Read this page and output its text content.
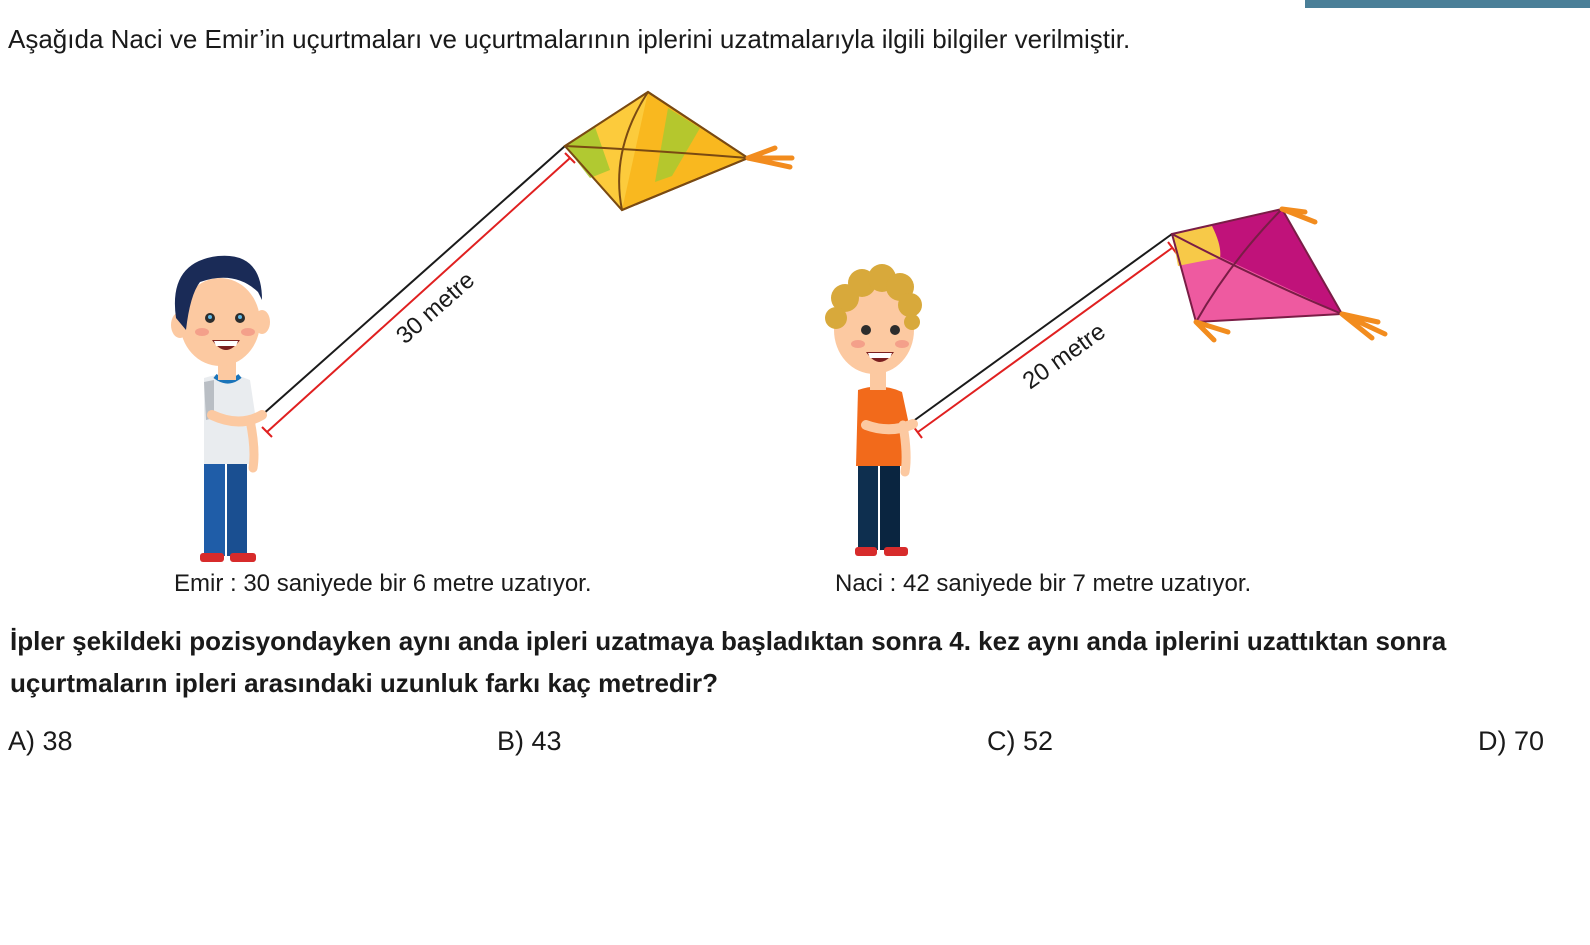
Aşağıda Naci ve Emir’in uçurtmaları ve uçurtmalarının iplerini uzatmalarıyla ilgili bilgiler verilmiştir.
30 metre
20 metre
Emir : 30 saniyede bir 6 metre uzatıyor.	Naci : 42 saniyede bir 7 metre uzatıyor.
İpler şekildeki pozisyondayken aynı anda ipleri uzatmaya başladıktan sonra 4. kez aynı anda iplerini uzattıktan sonra uçurtmaların ipleri arasındaki uzunluk farkı kaç metredir?
A) 38	B) 43	C) 52	D) 70
